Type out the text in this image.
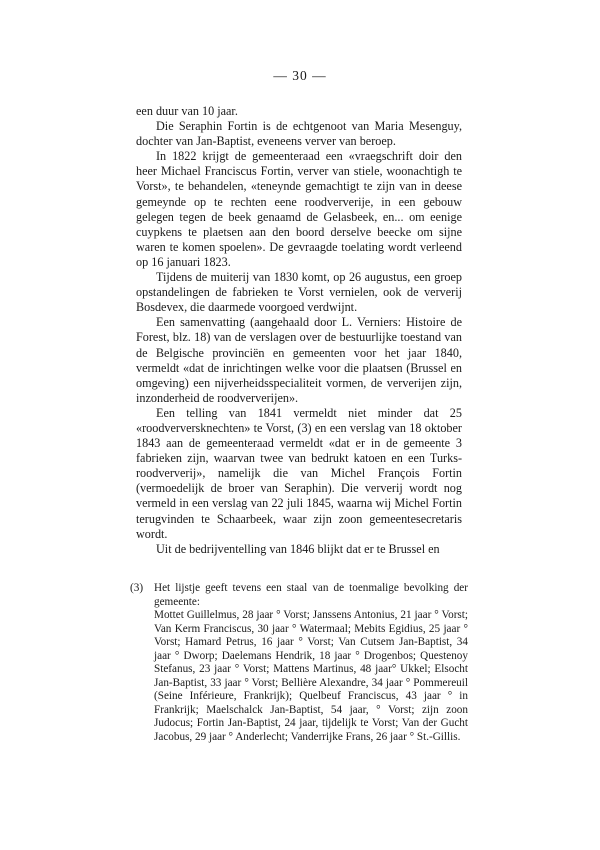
— 30 —

een duur van 10 jaar.

Die Seraphin Fortin is de echtgenoot van Maria Mesenguy, dochter van Jan-Baptist, eveneens verver van beroep.

In 1822 krijgt de gemeenteraad een «vraegschrift doir den heer Michael Franciscus Fortin, verver van stiele, woonachtigh te Vorst», te behandelen, «teneynde gemachtigt te zijn van in deese gemeynde op te rechten eene roodververije, in een gebouw gelegen tegen de beek genaamd de Gelasbeek, en... om eenige cuypkens te plaetsen aan den boord derselve beecke om sijne waren te komen spoelen». De gevraagde toelating wordt verleend op 16 januari 1823.

Tijdens de muiterij van 1830 komt, op 26 augustus, een groep opstandelingen de fabrieken te Vorst vernielen, ook de ververij Bosdevex, die daarmede voorgoed verdwijnt.

Een samenvatting (aangehaald door L. Verniers: Histoire de Forest, blz. 18) van de verslagen over de bestuurlijke toestand van de Belgische provinciën en gemeenten voor het jaar 1840, vermeldt «dat de inrichtingen welke voor die plaatsen (Brussel en omgeving) een nijverheidsspecialiteit vormen, de ververijen zijn, inzonderheid de roodververijen».

Een telling van 1841 vermeldt niet minder dat 25 «roodverversknechten» te Vorst, (3) en een verslag van 18 oktober 1843 aan de gemeenteraad vermeldt «dat er in de gemeente 3 fabrieken zijn, waarvan twee van bedrukt katoen en een Turks-roodververij», namelijk die van Michel François Fortin (vermoedelijk de broer van Seraphin). Die ververij wordt nog vermeld in een verslag van 22 juli 1845, waarna wij Michel Fortin terugvinden te Schaarbeek, waar zijn zoon gemeentesecretaris wordt.

Uit de bedrijventelling van 1846 blijkt dat er te Brussel en

(3) Het lijstje geeft tevens een staal van de toenmalige bevolking der gemeente:

Mottet Guillelmus, 28 jaar ° Vorst; Janssens Antonius, 21 jaar ° Vorst; Van Kerm Franciscus, 30 jaar ° Watermaal; Mebits Egidius, 25 jaar ° Vorst; Hamard Petrus, 16 jaar ° Vorst; Van Cutsem Jan-Baptist, 34 jaar ° Dworp; Daelemans Hendrik, 18 jaar ° Drogenbos; Questenoy Stefanus, 23 jaar ° Vorst; Mattens Martinus, 48 jaar° Ukkel; Elsocht Jan-Baptist, 33 jaar ° Vorst; Bellière Alexandre, 34 jaar ° Pommereuil (Seine Inférieure, Frankrijk); Quelbeuf Franciscus, 43 jaar ° in Frankrijk; Maelschalck Jan-Baptist, 54 jaar, ° Vorst; zijn zoon Judocus; Fortin Jan-Baptist, 24 jaar, tijdelijk te Vorst; Van der Gucht Jacobus, 29 jaar ° Anderlecht; Vanderrijke Frans, 26 jaar ° St.-Gillis.
